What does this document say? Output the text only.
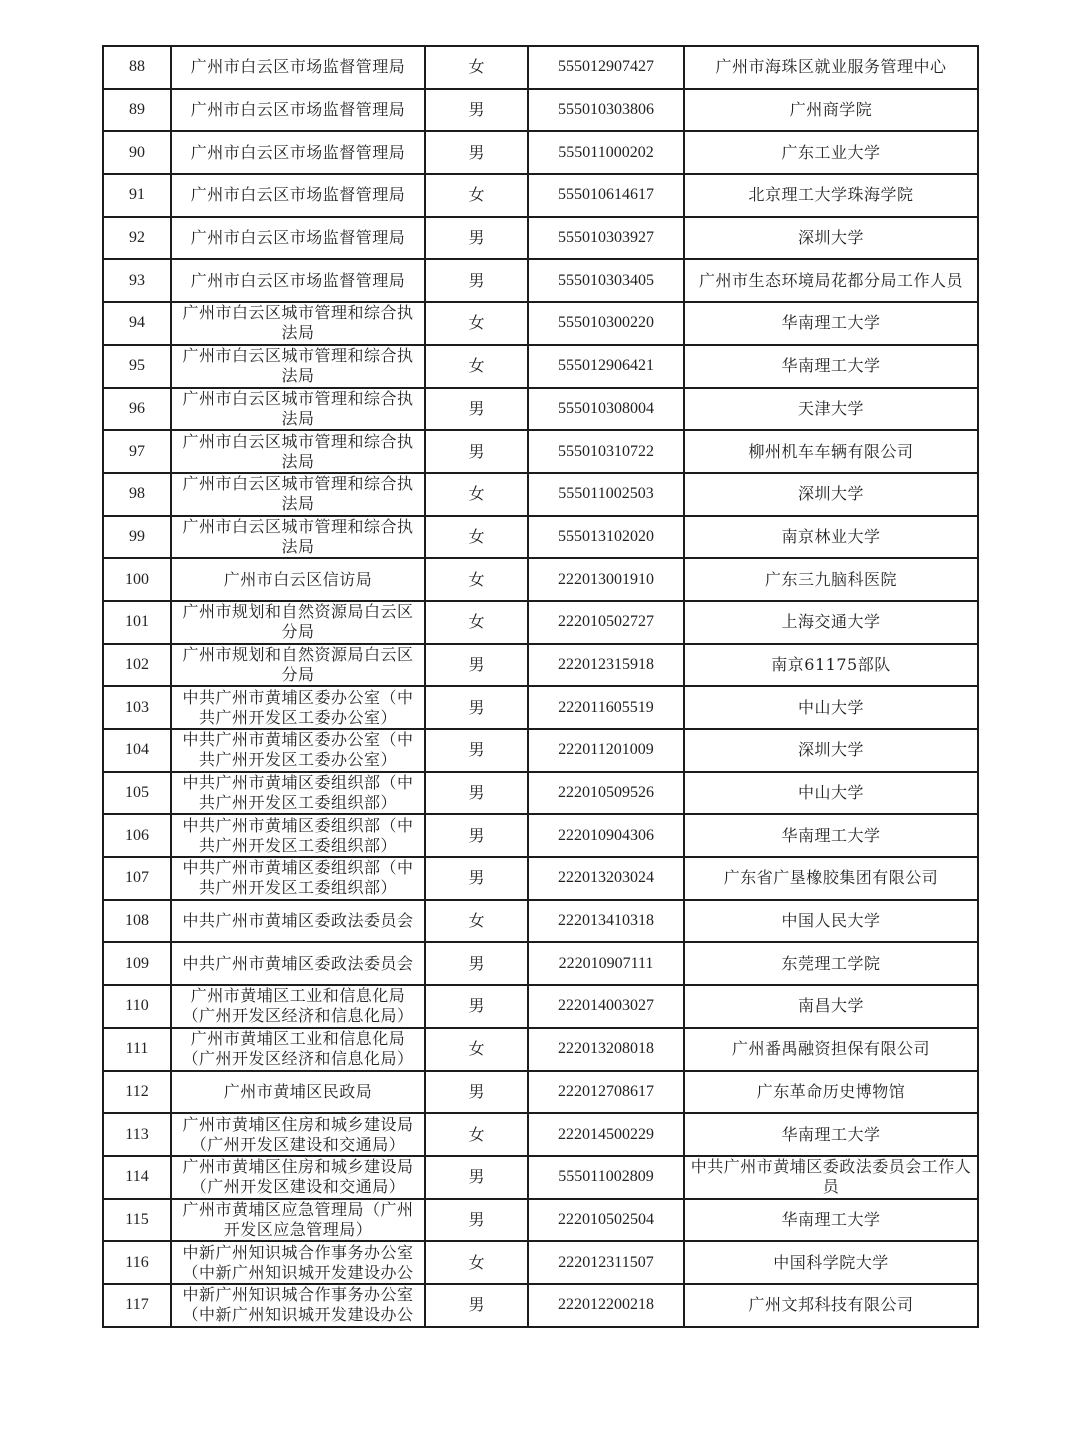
88	广州市白云区市场监督管理局	女	555012907427	广州市海珠区就业服务管理中心
89	广州市白云区市场监督管理局	男	555010303806	广州商学院
90	广州市白云区市场监督管理局	男	555011000202	广东工业大学
91	广州市白云区市场监督管理局	女	555010614617	北京理工大学珠海学院
92	广州市白云区市场监督管理局	男	555010303927	深圳大学
93	广州市白云区市场监督管理局	男	555010303405	广州市生态环境局花都分局工作人员
94	广州市白云区城市管理和综合执法局	女	555010300220	华南理工大学
95	广州市白云区城市管理和综合执法局	女	555012906421	华南理工大学
96	广州市白云区城市管理和综合执法局	男	555010308004	天津大学
97	广州市白云区城市管理和综合执法局	男	555010310722	柳州机车车辆有限公司
98	广州市白云区城市管理和综合执法局	女	555011002503	深圳大学
99	广州市白云区城市管理和综合执法局	女	555013102020	南京林业大学
100	广州市白云区信访局	女	222013001910	广东三九脑科医院
101	广州市规划和自然资源局白云区分局	女	222010502727	上海交通大学
102	广州市规划和自然资源局白云区分局	男	222012315918	南京61175部队
103	中共广州市黄埔区委办公室（中共广州开发区工委办公室）	男	222011605519	中山大学
104	中共广州市黄埔区委办公室（中共广州开发区工委办公室）	男	222011201009	深圳大学
105	中共广州市黄埔区委组织部（中共广州开发区工委组织部）	男	222010509526	中山大学
106	中共广州市黄埔区委组织部（中共广州开发区工委组织部）	男	222010904306	华南理工大学
107	中共广州市黄埔区委组织部（中共广州开发区工委组织部）	男	222013203024	广东省广垦橡胶集团有限公司
108	中共广州市黄埔区委政法委员会	女	222013410318	中国人民大学
109	中共广州市黄埔区委政法委员会	男	222010907111	东莞理工学院
110	广州市黄埔区工业和信息化局（广州开发区经济和信息化局）	男	222014003027	南昌大学
111	广州市黄埔区工业和信息化局（广州开发区经济和信息化局）	女	222013208018	广州番禺融资担保有限公司
112	广州市黄埔区民政局	男	222012708617	广东革命历史博物馆
113	广州市黄埔区住房和城乡建设局（广州开发区建设和交通局）	女	222014500229	华南理工大学
114	广州市黄埔区住房和城乡建设局（广州开发区建设和交通局）	男	555011002809	中共广州市黄埔区委政法委员会工作人员
115	广州市黄埔区应急管理局（广州开发区应急管理局）	男	222010502504	华南理工大学
116	中新广州知识城合作事务办公室（中新广州知识城开发建设办公	女	222012311507	中国科学院大学
117	中新广州知识城合作事务办公室（中新广州知识城开发建设办公	男	222012200218	广州文邦科技有限公司
